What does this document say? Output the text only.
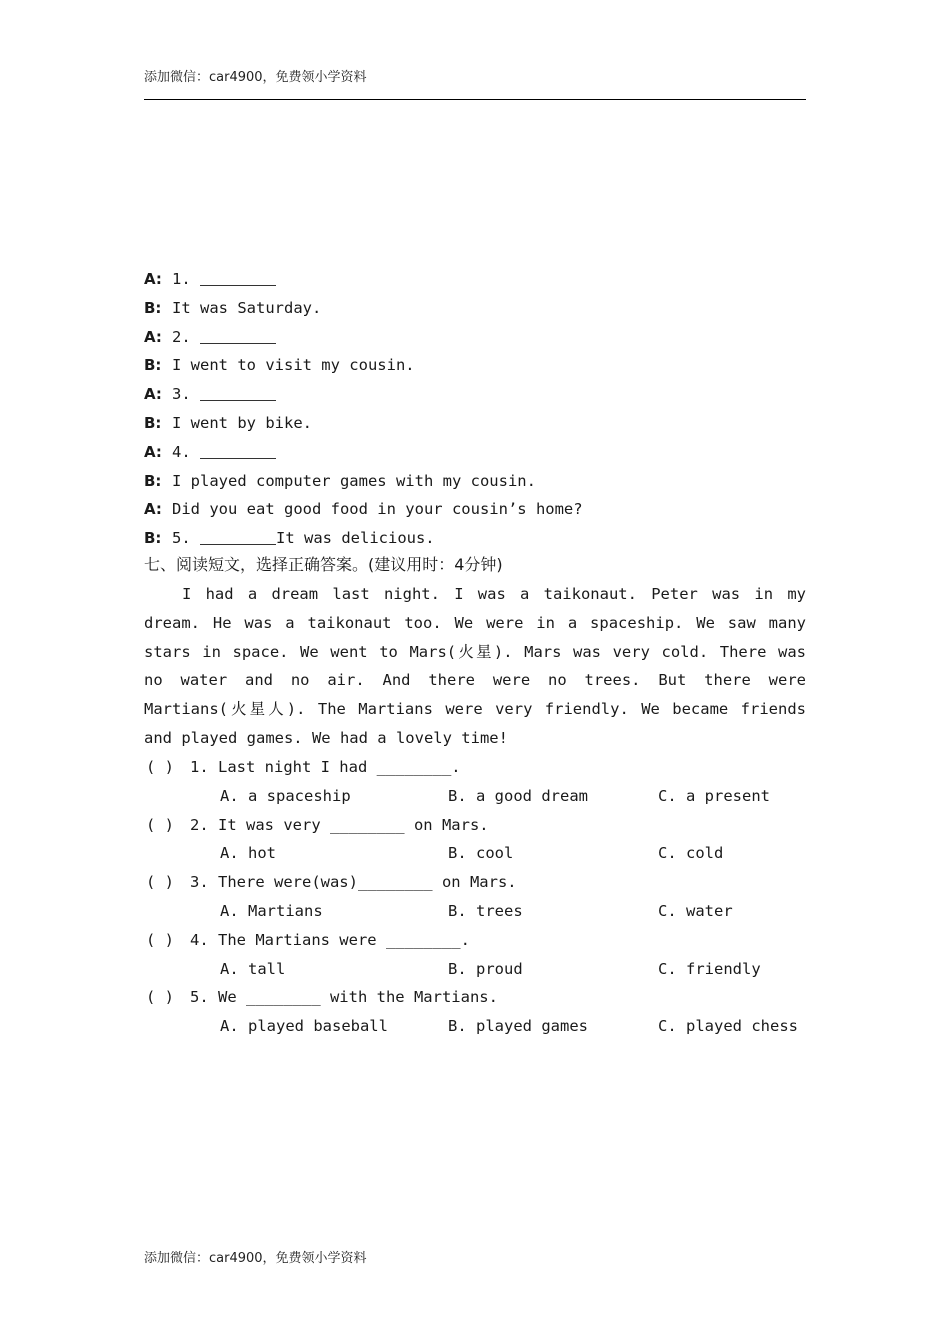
添加微信：car4900，免费领小学资料
A: 1.
B: It was Saturday.
A: 2.
B: I went to visit my cousin.
A: 3.
B: I went by bike.
A: 4.
B: I played computer games with my cousin.
A: Did you eat good food in your cousin’s home?
B: 5.	It was delicious.
七、阅读短文，选择正确答案。(建议用时：4分钟)
I had a dream last night. I was a taikonaut. Peter was in my
dream. He was a taikonaut too. We were in a spaceship. We saw many
stars in space. We went to Mars(火星). Mars was very cold. There was
no water and no air. And there were no trees. But there were
Martians(火星人). The Martians were very friendly. We became friends
and played games. We had a lovely time!
( ) 1. Last night I had ________.
A. a spaceship	B. a good dream	C. a present
( ) 2. It was very ________ on Mars.
A. hot	B. cool	C. cold
( ) 3. There were(was)________ on Mars.
A. Martians	B. trees	C. water
( ) 4. The Martians were ________.
A. tall	B. proud	C. friendly
( ) 5. We ________ with the Martians.
A. played baseball	B. played games	C. played chess
添加微信：car4900，免费领小学资料
